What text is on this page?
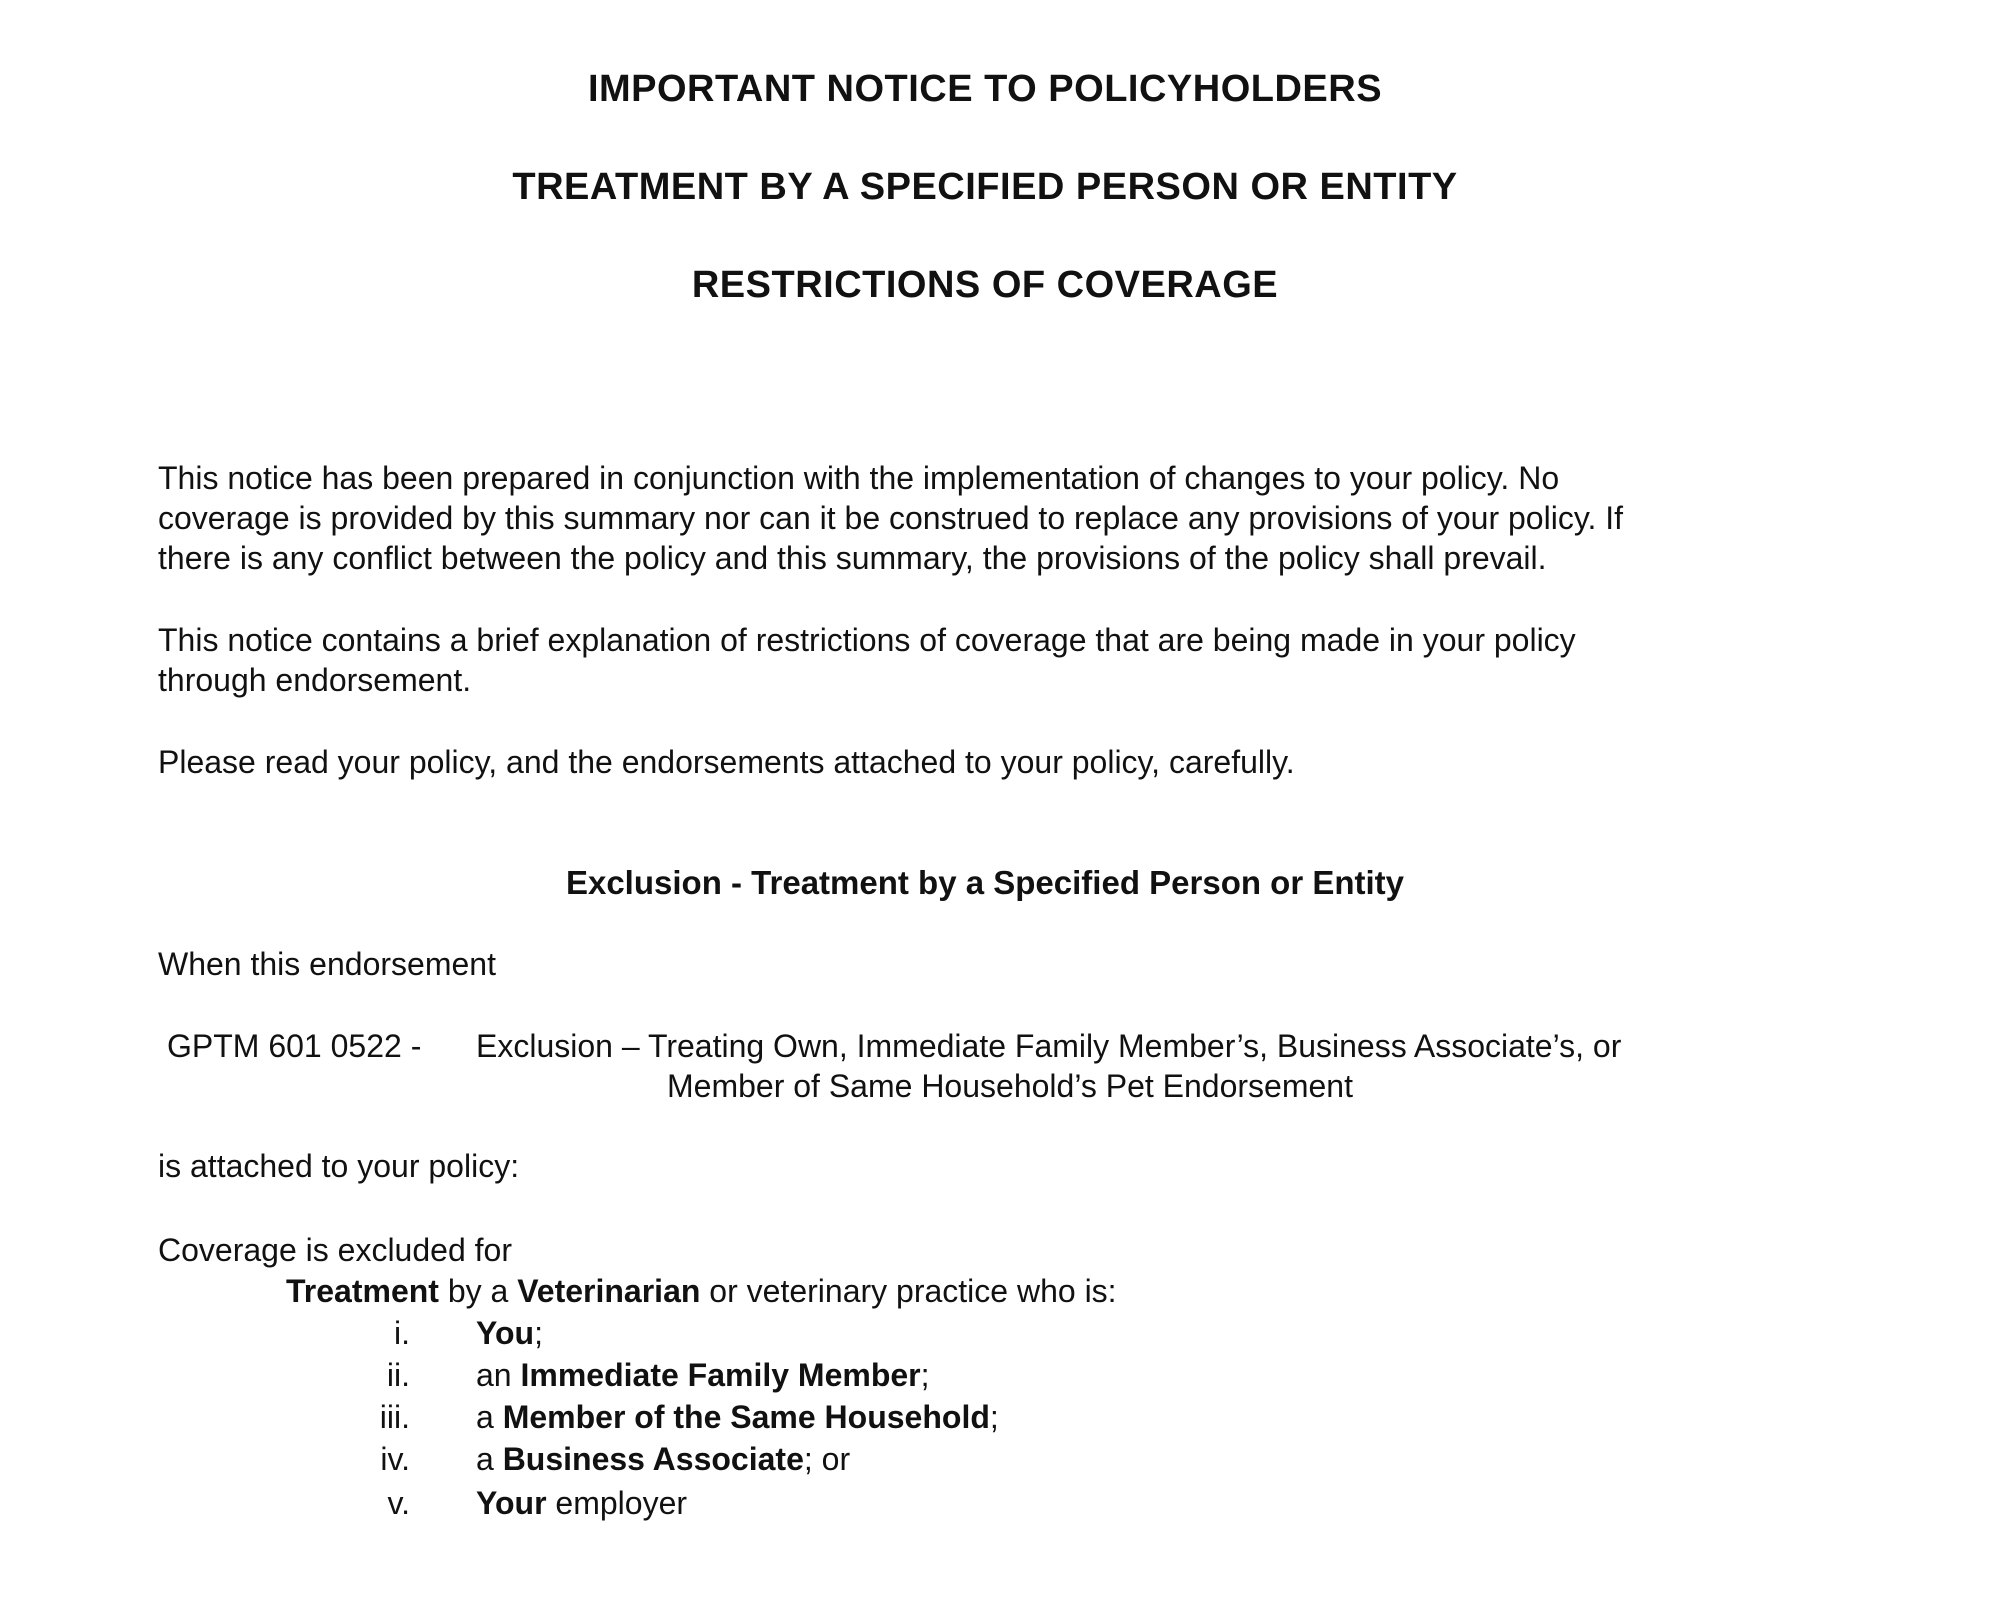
IMPORTANT NOTICE TO POLICYHOLDERS
TREATMENT BY A SPECIFIED PERSON OR ENTITY
RESTRICTIONS OF COVERAGE
This notice has been prepared in conjunction with the implementation of changes to your policy. No
coverage is provided by this summary nor can it be construed to replace any provisions of your policy. If
there is any conflict between the policy and this summary, the provisions of the policy shall prevail.
This notice contains a brief explanation of restrictions of coverage that are being made in your policy
through endorsement.
Please read your policy, and the endorsements attached to your policy, carefully.
Exclusion - Treatment by a Specified Person or Entity
When this endorsement
GPTM 601 0522 - Exclusion – Treating Own, Immediate Family Member’s, Business Associate’s, or
Member of Same Household’s Pet Endorsement
is attached to your policy:
Coverage is excluded for
Treatment by a Veterinarian or veterinary practice who is:
i. You;
ii. an Immediate Family Member;
iii. a Member of the Same Household;
iv. a Business Associate; or
v. Your employer
